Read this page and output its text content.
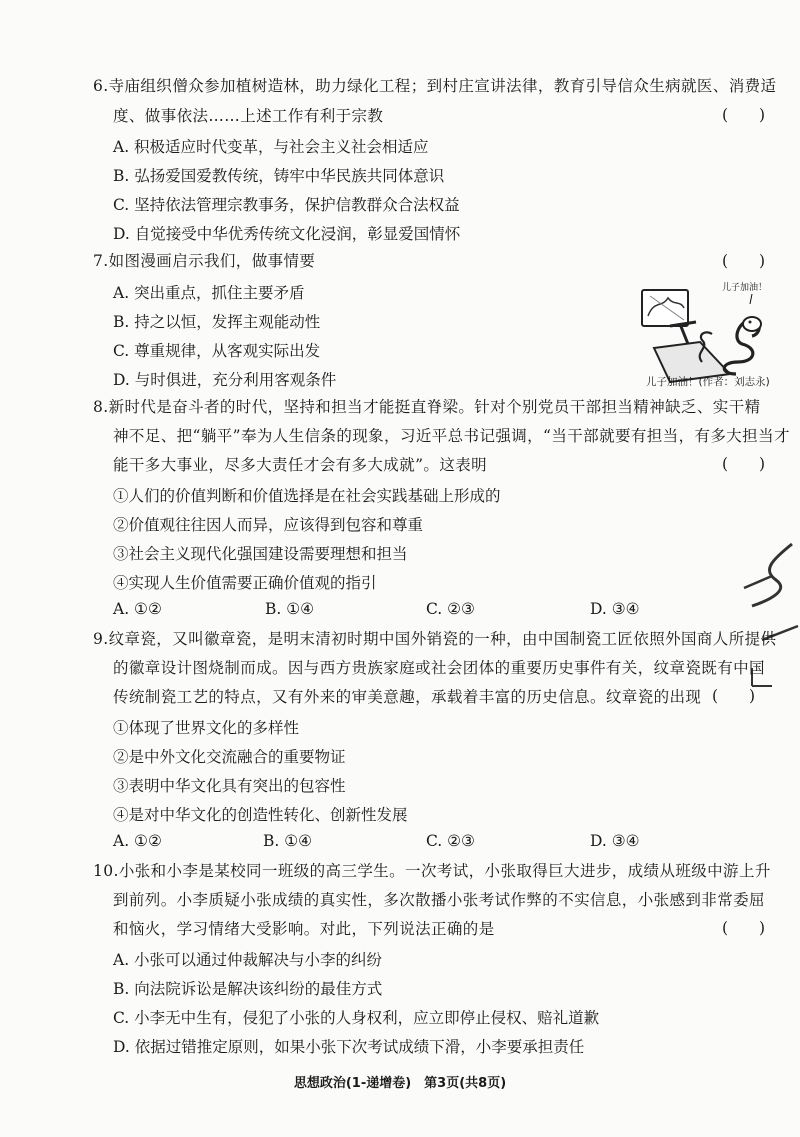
6.寺庙组织僧众参加植树造林，助力绿化工程；到村庄宣讲法律，教育引导信众生病就医、消费适
度、做事依法……上述工作有利于宗教	(　　)
A. 积极适应时代变革，与社会主义社会相适应
B. 弘扬爱国爱教传统，铸牢中华民族共同体意识
C. 坚持依法管理宗教事务，保护信教群众合法权益
D. 自觉接受中华优秀传统文化浸润，彰显爱国情怀
7.如图漫画启示我们，做事情要	(　　)
A. 突出重点，抓住主要矛盾
B. 持之以恒，发挥主观能动性
C. 尊重规律，从客观实际出发
D. 与时俱进，充分利用客观条件
儿子加油！
儿子加油！(作者：刘志永)
8.新时代是奋斗者的时代，坚持和担当才能挺直脊梁。针对个别党员干部担当精神缺乏、实干精
神不足、把“躺平”奉为人生信条的现象，习近平总书记强调，“当干部就要有担当，有多大担当才
能干多大事业，尽多大责任才会有多大成就”。这表明	(　　)
①人们的价值判断和价值选择是在社会实践基础上形成的
②价值观往往因人而异，应该得到包容和尊重
③社会主义现代化强国建设需要理想和担当
④实现人生价值需要正确价值观的指引
A. ①②	B. ①④	C. ②③	D. ③④
9.纹章瓷，又叫徽章瓷，是明末清初时期中国外销瓷的一种，由中国制瓷工匠依照外国商人所提供
的徽章设计图烧制而成。因与西方贵族家庭或社会团体的重要历史事件有关，纹章瓷既有中国
传统制瓷工艺的特点，又有外来的审美意趣，承载着丰富的历史信息。纹章瓷的出现 (　　)
①体现了世界文化的多样性
②是中外文化交流融合的重要物证
③表明中华文化具有突出的包容性
④是对中华文化的创造性转化、创新性发展
A. ①②	B. ①④	C. ②③	D. ③④
10.小张和小李是某校同一班级的高三学生。一次考试，小张取得巨大进步，成绩从班级中游上升
到前列。小李质疑小张成绩的真实性，多次散播小张考试作弊的不实信息，小张感到非常委屈
和恼火，学习情绪大受影响。对此，下列说法正确的是	(　　)
A. 小张可以通过仲裁解决与小李的纠纷
B. 向法院诉讼是解决该纠纷的最佳方式
C. 小李无中生有，侵犯了小张的人身权利，应立即停止侵权、赔礼道歉
D. 依据过错推定原则，如果小张下次考试成绩下滑，小李要承担责任
思想政治(1-递增卷)　第3页(共8页)
